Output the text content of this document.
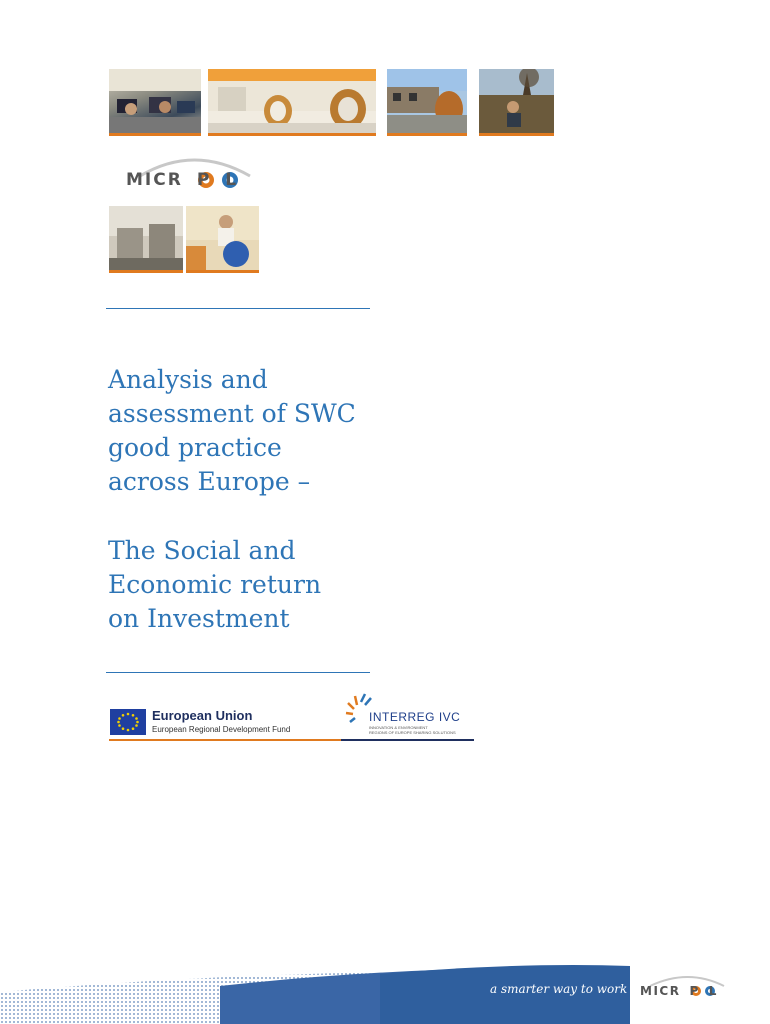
MICR P L
Analysis and
assessment of SWC
good practice
across Europe –
The Social and
Economic return
on Investment
European Union
European Regional Development Fund
INTERREG IVC
INNOVATION & ENVIRONMENT
REGIONS OF EUROPE SHARING SOLUTIONS
a smarter way to work MICR P L
